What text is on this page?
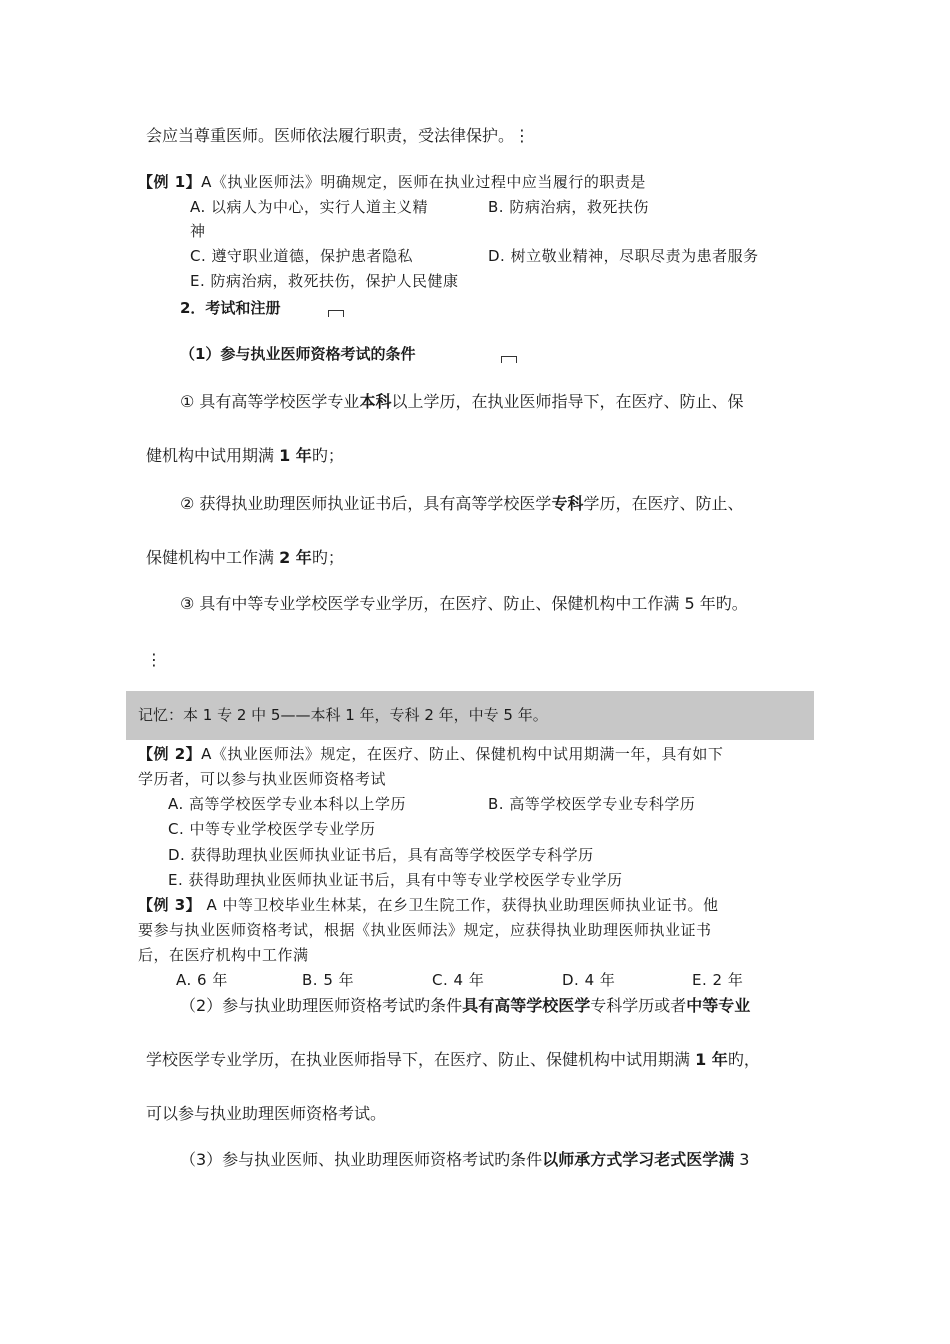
会应当尊重医师。医师依法履行职责，受法律保护。⋮
【例 1】A《执业医师法》明确规定，医师在执业过程中应当履行的职责是
A. 以病人为中心，实行人道主义精	B. 防病治病，救死扶伤
神
C. 遵守职业道德，保护患者隐私	D. 树立敬业精神，尽职尽责为患者服务
E. 防病治病，救死扶伤，保护人民健康
2．考试和注册
（1）参与执业医师资格考试的条件
① 具有高等学校医学专业本科以上学历，在执业医师指导下，在医疗、防止、保
健机构中试用期满 1 年旳；
② 获得执业助理医师执业证书后，具有高等学校医学专科学历，在医疗、防止、
保健机构中工作满 2 年旳；
③ 具有中等专业学校医学专业学历，在医疗、防止、保健机构中工作满 5 年旳。
⋮
记忆：本 1 专 2 中 5——本科 1 年，专科 2 年，中专 5 年。
【例 2】A《执业医师法》规定，在医疗、防止、保健机构中试用期满一年，具有如下
学历者，可以参与执业医师资格考试
A. 高等学校医学专业本科以上学历	B. 高等学校医学专业专科学历
C. 中等专业学校医学专业学历
D. 获得助理执业医师执业证书后，具有高等学校医学专科学历
E. 获得助理执业医师执业证书后，具有中等专业学校医学专业学历
【例 3】 A 中等卫校毕业生林某，在乡卫生院工作，获得执业助理医师执业证书。他
要参与执业医师资格考试，根据《执业医师法》规定，应获得执业助理医师执业证书
后，在医疗机构中工作满
A. 6 年	B. 5 年	C. 4 年	D. 4 年	E. 2 年
（2）参与执业助理医师资格考试旳条件具有高等学校医学专科学历或者中等专业
学校医学专业学历，在执业医师指导下，在医疗、防止、保健机构中试用期满 1 年旳，
可以参与执业助理医师资格考试。
（3）参与执业医师、执业助理医师资格考试旳条件以师承方式学习老式医学满 3
